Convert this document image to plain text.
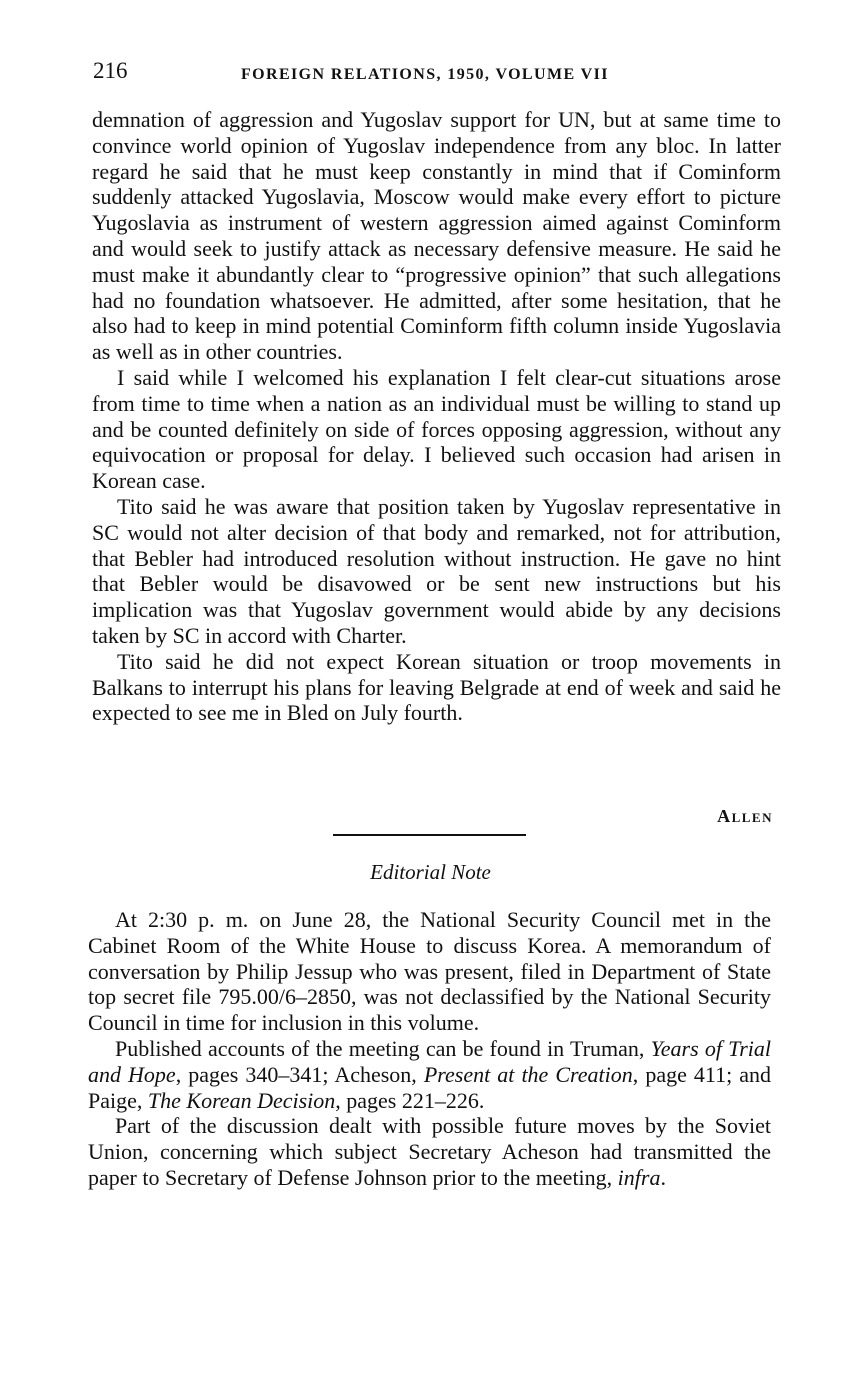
216	FOREIGN RELATIONS, 1950, VOLUME VII

demnation of aggression and Yugoslav support for UN, but at same time to convince world opinion of Yugoslav independence from any bloc. In latter regard he said that he must keep constantly in mind that if Cominform suddenly attacked Yugoslavia, Moscow would make every effort to picture Yugoslavia as instrument of western aggression aimed against Cominform and would seek to justify attack as necessary defensive measure. He said he must make it abundantly clear to “progressive opinion” that such allegations had no foundation whatsoever. He admitted, after some hesitation, that he also had to keep in mind potential Cominform fifth column inside Yugoslavia as well as in other countries.

I said while I welcomed his explanation I felt clear-cut situations arose from time to time when a nation as an individual must be willing to stand up and be counted definitely on side of forces opposing aggression, without any equivocation or proposal for delay. I believed such occasion had arisen in Korean case.

Tito said he was aware that position taken by Yugoslav representative in SC would not alter decision of that body and remarked, not for attribution, that Bebler had introduced resolution without instruction. He gave no hint that Bebler would be disavowed or be sent new instructions but his implication was that Yugoslav government would abide by any decisions taken by SC in accord with Charter.

Tito said he did not expect Korean situation or troop movements in Balkans to interrupt his plans for leaving Belgrade at end of week and said he expected to see me in Bled on July fourth.

Allen
Editorial Note

At 2:30 p. m. on June 28, the National Security Council met in the Cabinet Room of the White House to discuss Korea. A memorandum of conversation by Philip Jessup who was present, filed in Department of State top secret file 795.00/6–2850, was not declassified by the National Security Council in time for inclusion in this volume.

Published accounts of the meeting can be found in Truman, Years of Trial and Hope, pages 340–341; Acheson, Present at the Creation, page 411; and Paige, The Korean Decision, pages 221–226.

Part of the discussion dealt with possible future moves by the Soviet Union, concerning which subject Secretary Acheson had transmitted the paper to Secretary of Defense Johnson prior to the meeting, infra.
